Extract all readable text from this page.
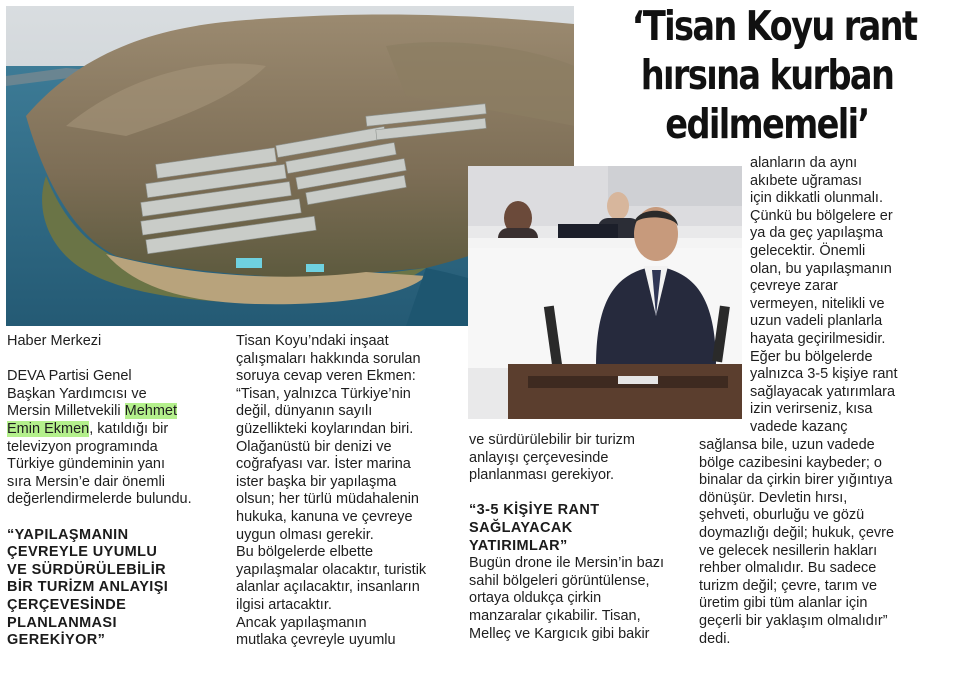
‘Tisan Koyu rant
hırsına kurban
edilmemeli’

Haber Merkezi

DEVA Partisi Genel
Başkan Yardımcısı ve
Mersin Milletvekili Mehmet
Emin Ekmen, katıldığı bir
televizyon programında
Türkiye gündeminin yanı
sıra Mersin’e dair önemli
değerlendirmelerde bulundu.
“YAPILAŞMANIN
ÇEVREYLE UYUMLU
VE SÜRDÜRÜLEBİLİR
BİR TURİZM ANLAYIŞI
ÇERÇEVESİNDE
PLANLANMASI
GEREKİYOR”
Tisan Koyu’ndaki inşaat
çalışmaları hakkında sorulan
soruya cevap veren Ekmen:
“Tisan, yalnızca Türkiye’nin
değil, dünyanın sayılı
güzellikteki koylarından biri.
Olağanüstü bir denizi ve
coğrafyası var. İster marina
ister başka bir yapılaşma
olsun; her türlü müdahalenin
hukuka, kanuna ve çevreye
uygun olması gerekir.
Bu bölgelerde elbette
yapılaşmalar olacaktır, turistik
alanlar açılacaktır, insanların
ilgisi artacaktır.
Ancak yapılaşmanın
mutlaka çevreyle uyumlu
ve sürdürülebilir bir turizm
anlayışı çerçevesinde
planlanması gerekiyor.
“3-5 KİŞİYE RANT
SAĞLAYACAK
YATIRIMLAR”
Bugün drone ile Mersin’in bazı
sahil bölgeleri görüntülense,
ortaya oldukça çirkin
manzaralar çıkabilir. Tisan,
Melleç ve Kargıcık gibi bakir
alanların da aynı
akıbete uğraması
için dikkatli olunmalı.
Çünkü bu bölgelere er
ya da geç yapılaşma
gelecektir. Önemli
olan, bu yapılaşmanın
çevreye zarar
vermeyen, nitelikli ve
uzun vadeli planlarla
hayata geçirilmesidir.
Eğer bu bölgelerde
yalnızca 3-5 kişiye rant
sağlayacak yatırımlara
izin verirseniz, kısa
vadede kazanç
sağlansa bile, uzun vadede
bölge cazibesini kaybeder; o
binalar da çirkin birer yığıntıya
dönüşür. Devletin hırsı,
şehveti, oburluğu ve gözü
doymazlığı değil; hukuk, çevre
ve gelecek nesillerin hakları
rehber olmalıdır. Bu sadece
turizm değil; çevre, tarım ve
üretim gibi tüm alanlar için
geçerli bir yaklaşım olmalıdır”
dedi.
